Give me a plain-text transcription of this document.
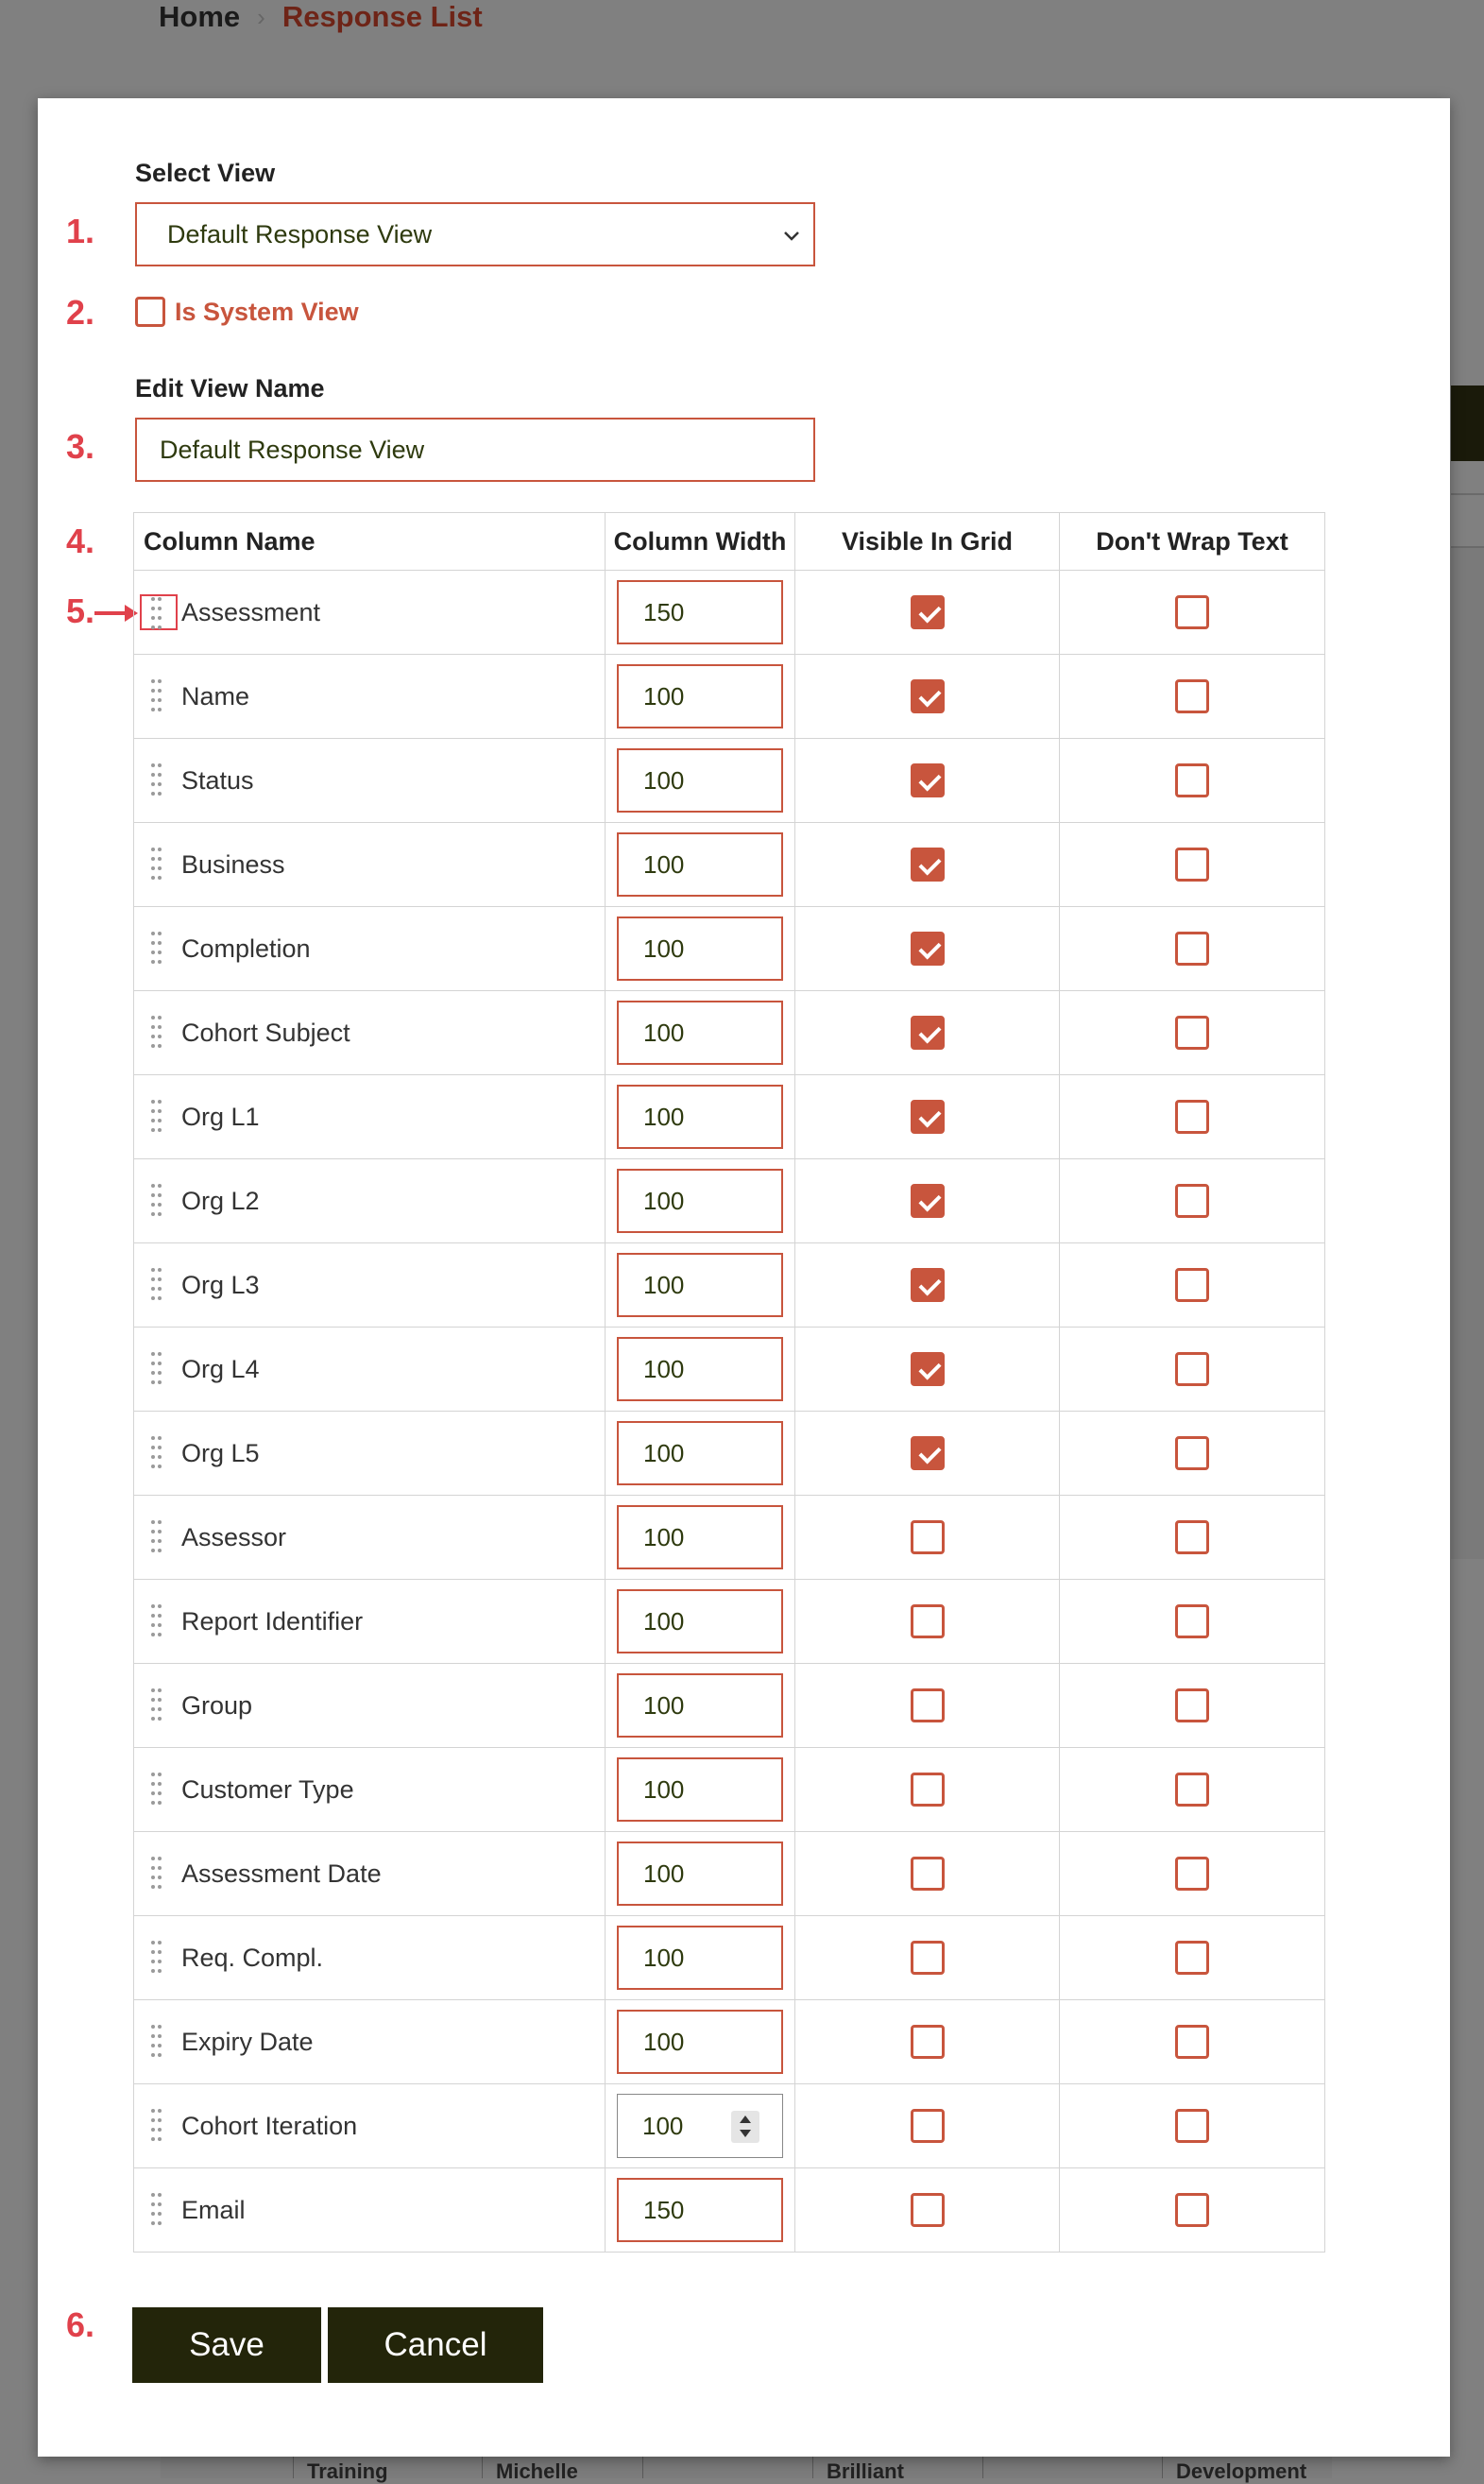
Home › Response List
Training	Michelle	Brilliant	Development
Select View
1.	Default Response View
2.	Is System View
Edit View Name
3.	Default Response View
4.
5.
Column Name	Column Width	Visible In Grid	Don't Wrap Text

Assessment	150		

Name	100		

Status	100		

Business	100		

Completion	100		

Cohort Subject	100		

Org L1	100		

Org L2	100		

Org L3	100		

Org L4	100		

Org L5	100		

Assessor	100		

Report Identifier	100		

Group	100		

Customer Type	100		

Assessment Date	100		

Req. Compl.	100		

Expiry Date	100		

Cohort Iteration	100		

Email	150		

6.
Save	Cancel
